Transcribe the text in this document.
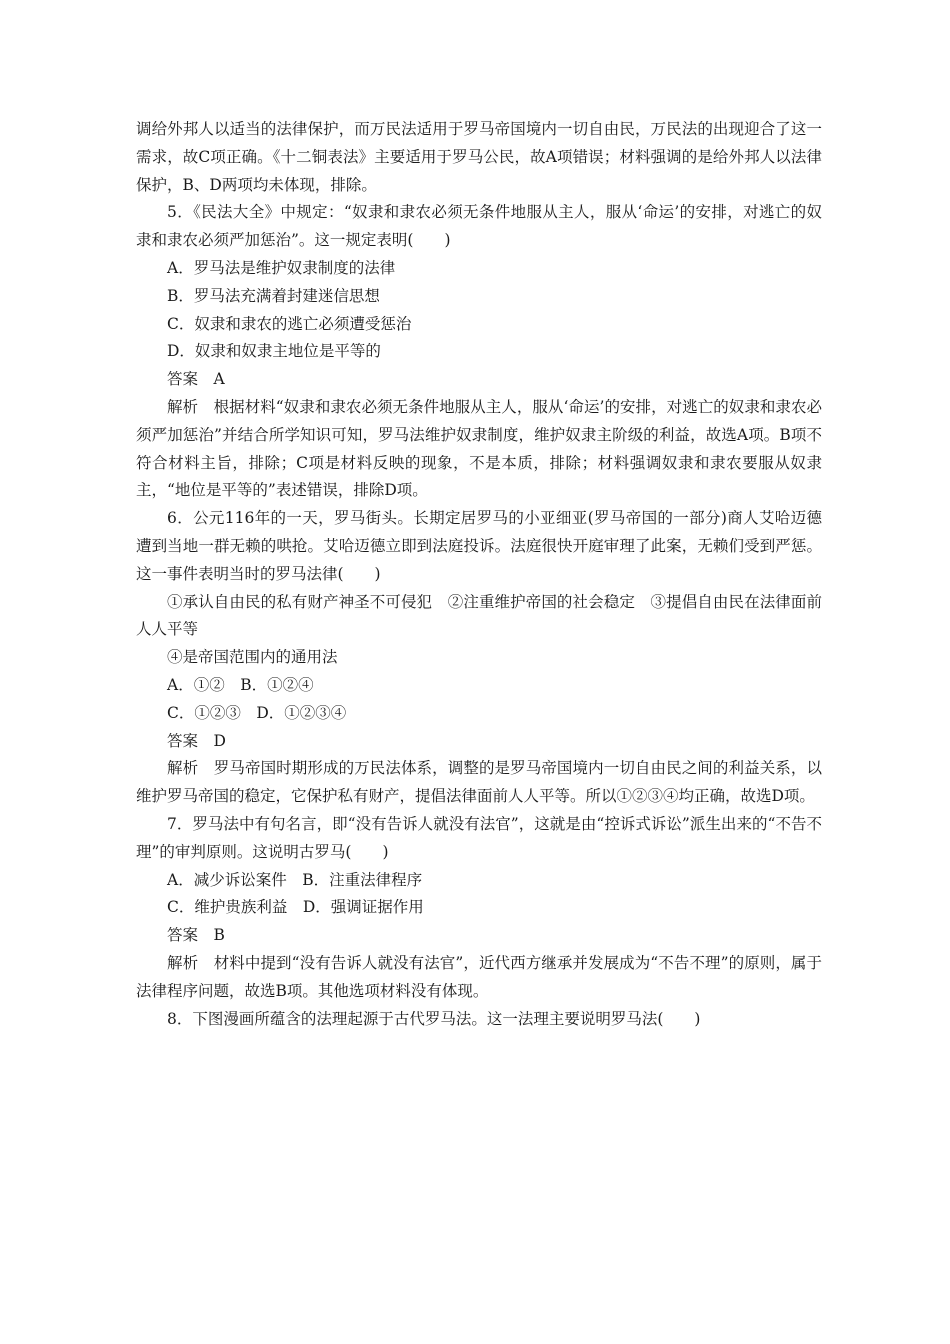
调给外邦人以适当的法律保护，而万民法适用于罗马帝国境内一切自由民，万民法的出现迎合了这一需求，故C项正确。《十二铜表法》主要适用于罗马公民，故A项错误；材料强调的是给外邦人以法律保护，B、D两项均未体现，排除。

5．《民法大全》中规定：“奴隶和隶农必须无条件地服从主人，服从‘命运’的安排，对逃亡的奴隶和隶农必须严加惩治”。这一规定表明(　　)

A．罗马法是维护奴隶制度的法律

B．罗马法充满着封建迷信思想

C．奴隶和隶农的逃亡必须遭受惩治

D．奴隶和奴隶主地位是平等的

答案　A

解析　根据材料“奴隶和隶农必须无条件地服从主人，服从‘命运’的安排，对逃亡的奴隶和隶农必须严加惩治”并结合所学知识可知，罗马法维护奴隶制度，维护奴隶主阶级的利益，故选A项。B项不符合材料主旨，排除；C项是材料反映的现象，不是本质，排除；材料强调奴隶和隶农要服从奴隶主，“地位是平等的”表述错误，排除D项。

6．公元116年的一天，罗马街头。长期定居罗马的小亚细亚(罗马帝国的一部分)商人艾哈迈德遭到当地一群无赖的哄抢。艾哈迈德立即到法庭投诉。法庭很快开庭审理了此案，无赖们受到严惩。这一事件表明当时的罗马法律(　　)

①承认自由民的私有财产神圣不可侵犯　②注重维护帝国的社会稳定　③提倡自由民在法律面前人人平等

④是帝国范围内的通用法

A．①②　B．①②④

C．①②③　D．①②③④

答案　D

解析　罗马帝国时期形成的万民法体系，调整的是罗马帝国境内一切自由民之间的利益关系，以维护罗马帝国的稳定，它保护私有财产，提倡法律面前人人平等。所以①②③④均正确，故选D项。

7．罗马法中有句名言，即“没有告诉人就没有法官”，这就是由“控诉式诉讼”派生出来的“不告不理”的审判原则。这说明古罗马(　　)

A．减少诉讼案件　B．注重法律程序

C．维护贵族利益　D．强调证据作用

答案　B

解析　材料中提到“没有告诉人就没有法官”，近代西方继承并发展成为“不告不理”的原则，属于法律程序问题，故选B项。其他选项材料没有体现。

8．下图漫画所蕴含的法理起源于古代罗马法。这一法理主要说明罗马法(　　)
